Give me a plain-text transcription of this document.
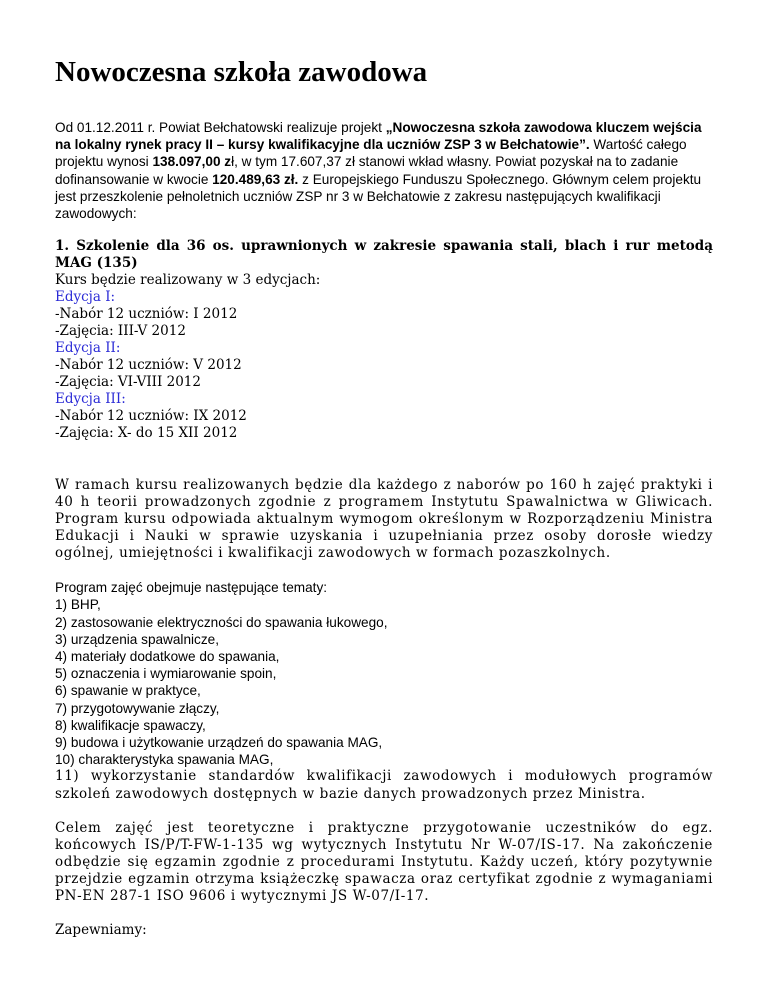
Nowoczesna szkoła zawodowa

Od 01.12.2011 r. Powiat Bełchatowski realizuje projekt „Nowoczesna szkoła zawodowa kluczem wejścia na lokalny rynek pracy II – kursy kwalifikacyjne dla uczniów ZSP 3 w Bełchatowie”. Wartość całego projektu wynosi 138.097,00 zł, w tym 17.607,37 zł stanowi wkład własny. Powiat pozyskał na to zadanie dofinansowanie w kwocie 120.489,63 zł. z Europejskiego Funduszu Społecznego. Głównym celem projektu jest przeszkolenie pełnoletnich uczniów ZSP nr 3 w Bełchatowie z zakresu następujących kwalifikacji zawodowych:

1. Szkolenie dla 36 os. uprawnionych w zakresie spawania stali, blach i rur metodą MAG (135)

Kurs będzie realizowany w 3 edycjach:
Edycja I:
-Nabór 12 uczniów: I 2012
-Zajęcia: III-V 2012
Edycja II:
-Nabór 12 uczniów: V 2012
-Zajęcia: VI-VIII 2012
Edycja III:
-Nabór 12 uczniów: IX 2012
-Zajęcia: X- do 15 XII 2012

W ramach kursu realizowanych będzie dla każdego z naborów po 160 h zajęć praktyki i 40 h teorii prowadzonych zgodnie z programem Instytutu Spawalnictwa w Gliwicach. Program kursu odpowiada aktualnym wymogom określonym w Rozporządzeniu Ministra Edukacji i Nauki w sprawie uzyskania i uzupełniania przez osoby dorosłe wiedzy ogólnej, umiejętności i kwalifikacji zawodowych w formach pozaszkolnych.

Program zajęć obejmuje następujące tematy:
1) BHP,
2) zastosowanie elektryczności do spawania łukowego,
3) urządzenia spawalnicze,
4) materiały dodatkowe do spawania,
5) oznaczenia i wymiarowanie spoin,
6) spawanie w praktyce,
7) przygotowywanie złączy,
8) kwalifikacje spawaczy,
9) budowa i użytkowanie urządzeń do spawania MAG,
10) charakterystyka spawania MAG,
11) wykorzystanie standardów kwalifikacji zawodowych i modułowych programów szkoleń zawodowych dostępnych w bazie danych prowadzonych przez Ministra.

Celem zajęć jest teoretyczne i praktyczne przygotowanie uczestników do egz. końcowych IS/P/T-FW-1-135 wg wytycznych Instytutu Nr W-07/IS-17. Na zakończenie odbędzie się egzamin zgodnie z procedurami Instytutu. Każdy uczeń, który pozytywnie przejdzie egzamin otrzyma książeczkę spawacza oraz certyfikat zgodnie z wymaganiami PN-EN 287-1 ISO 9606 i wytycznymi JS W-07/I-17.

Zapewniamy:
